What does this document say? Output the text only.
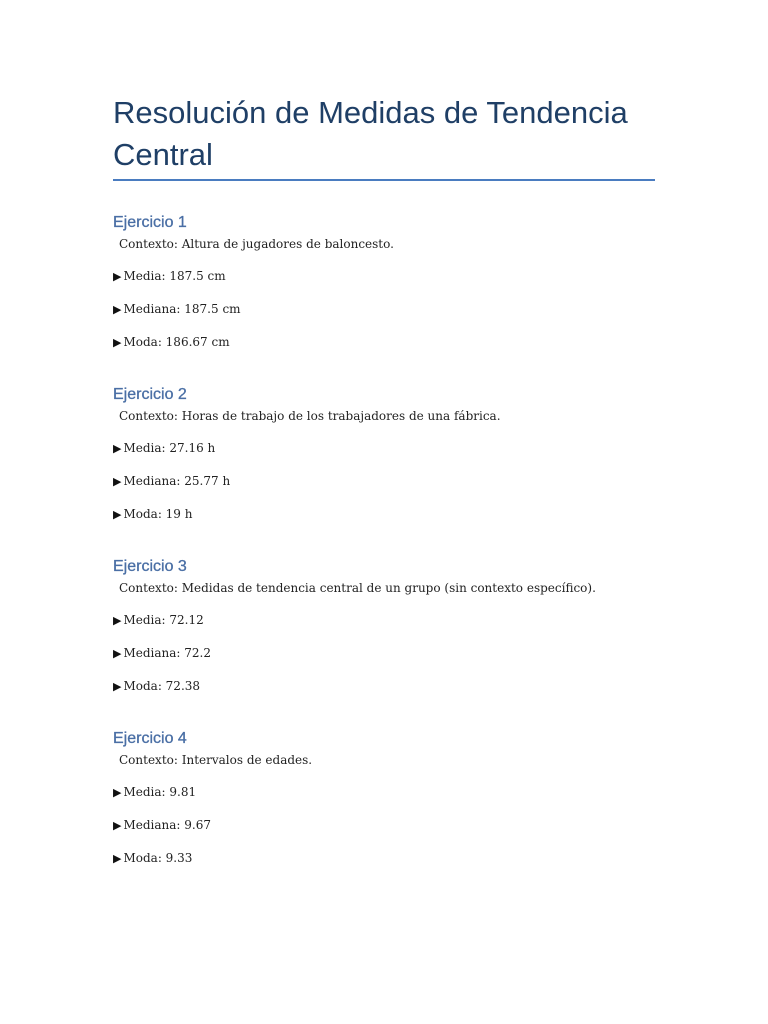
Resolución de Medidas de Tendencia Central
Ejercicio 1

Contexto: Altura de jugadores de baloncesto.

▶ Media: 187.5 cm

▶ Mediana: 187.5 cm

▶ Moda: 186.67 cm

Ejercicio 2

Contexto: Horas de trabajo de los trabajadores de una fábrica.

▶ Media: 27.16 h

▶ Mediana: 25.77 h

▶ Moda: 19 h

Ejercicio 3

Contexto: Medidas de tendencia central de un grupo (sin contexto específico).

▶ Media: 72.12

▶ Mediana: 72.2

▶ Moda: 72.38

Ejercicio 4

Contexto: Intervalos de edades.

▶ Media: 9.81

▶ Mediana: 9.67

▶ Moda: 9.33
